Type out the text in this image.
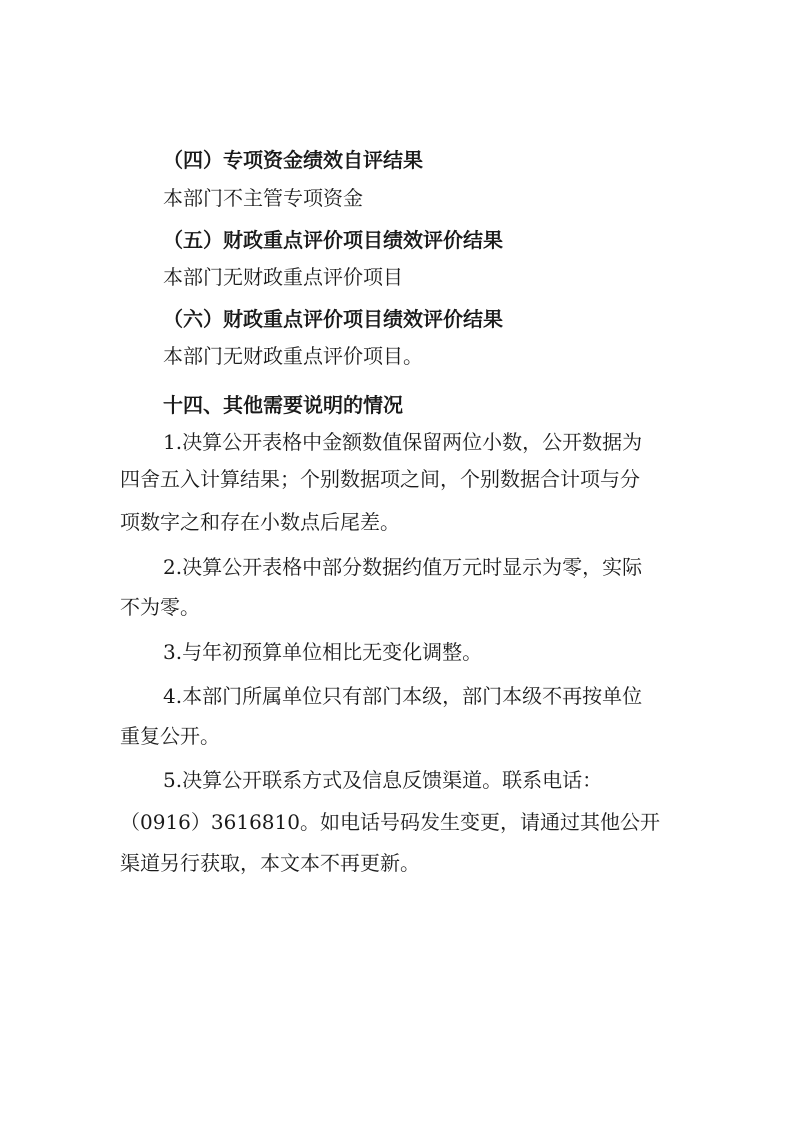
（四）专项资金绩效自评结果
本部门不主管专项资金
（五）财政重点评价项目绩效评价结果
本部门无财政重点评价项目
（六）财政重点评价项目绩效评价结果
本部门无财政重点评价项目。
十四、其他需要说明的情况
1.决算公开表格中金额数值保留两位小数，公开数据为
四舍五入计算结果；个别数据项之间，个别数据合计项与分
项数字之和存在小数点后尾差。
2.决算公开表格中部分数据约值万元时显示为零，实际
不为零。
3.与年初预算单位相比无变化调整。
4.本部门所属单位只有部门本级，部门本级不再按单位
重复公开。
5.决算公开联系方式及信息反馈渠道。联系电话：
（0916）3616810。如电话号码发生变更，请通过其他公开
渠道另行获取，本文本不再更新。
